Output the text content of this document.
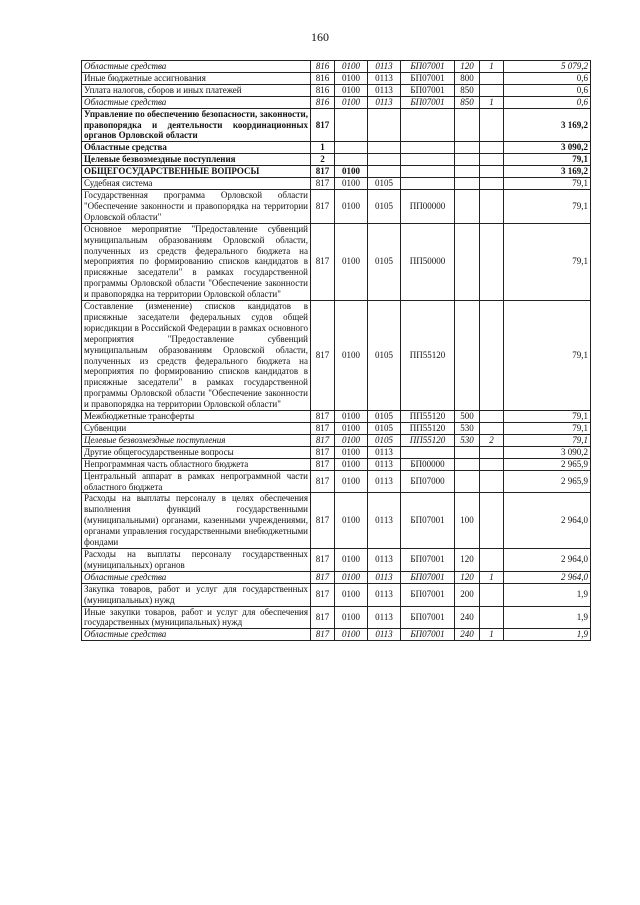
160
Областные средства	816	0100	0113	БП07001	120	1	5 079,2
Иные бюджетные ассигнования	816	0100	0113	БП07001	800		0,6
Уплата налогов, сборов и иных платежей	816	0100	0113	БП07001	850		0,6
Областные средства	816	0100	0113	БП07001	850	1	0,6
Управление по обеспечению безопасности, законности, правопорядка и деятельности координационных органов Орловской области	817						3 169,2
Областные средства	1						3 090,2
Целевые безвозмездные поступления	2						79,1
ОБЩЕГОСУДАРСТВЕННЫЕ ВОПРОСЫ	817	0100					3 169,2
Судебная система	817	0100	0105				79,1
Государственная программа Орловской области "Обеспечение законности и правопорядка на территории Орловской области"	817	0100	0105	ПП00000			79,1
Основное мероприятие "Предоставление субвенций муниципальным образованиям Орловской области, полученных из средств федерального бюджета на мероприятия по формированию списков кандидатов в присяжные заседатели" в рамках государственной программы Орловской области "Обеспечение законности и правопорядка на территории Орловской области"	817	0100	0105	ПП50000			79,1
Составление (изменение) списков кандидатов в присяжные заседатели федеральных судов общей юрисдикции в Российской Федерации в рамках основного мероприятия "Предоставление субвенций муниципальным образованиям Орловской области, полученных из средств федерального бюджета на мероприятия по формированию списков кандидатов в присяжные заседатели" в рамках государственной программы Орловской области "Обеспечение законности и правопорядка на территории Орловской области"	817	0100	0105	ПП55120			79,1
Межбюджетные трансферты	817	0100	0105	ПП55120	500		79,1
Субвенции	817	0100	0105	ПП55120	530		79,1
Целевые безвозмездные поступления	817	0100	0105	ПП55120	530	2	79,1
Другие общегосударственные вопросы	817	0100	0113				3 090,2
Непрограммная часть областного бюджета	817	0100	0113	БП00000			2 965,9
Центральный аппарат в рамках непрограммной части областного бюджета	817	0100	0113	БП07000			2 965,9
Расходы на выплаты персоналу в целях обеспечения выполнения функций государственными (муниципальными) органами, казенными учреждениями, органами управления государственными внебюджетными фондами	817	0100	0113	БП07001	100		2 964,0
Расходы на выплаты персоналу государственных (муниципальных) органов	817	0100	0113	БП07001	120		2 964,0
Областные средства	817	0100	0113	БП07001	120	1	2 964,0
Закупка товаров, работ и услуг для государственных (муниципальных) нужд	817	0100	0113	БП07001	200		1,9
Иные закупки товаров, работ и услуг для обеспечения государственных (муниципальных) нужд	817	0100	0113	БП07001	240		1,9
Областные средства	817	0100	0113	БП07001	240	1	1,9
